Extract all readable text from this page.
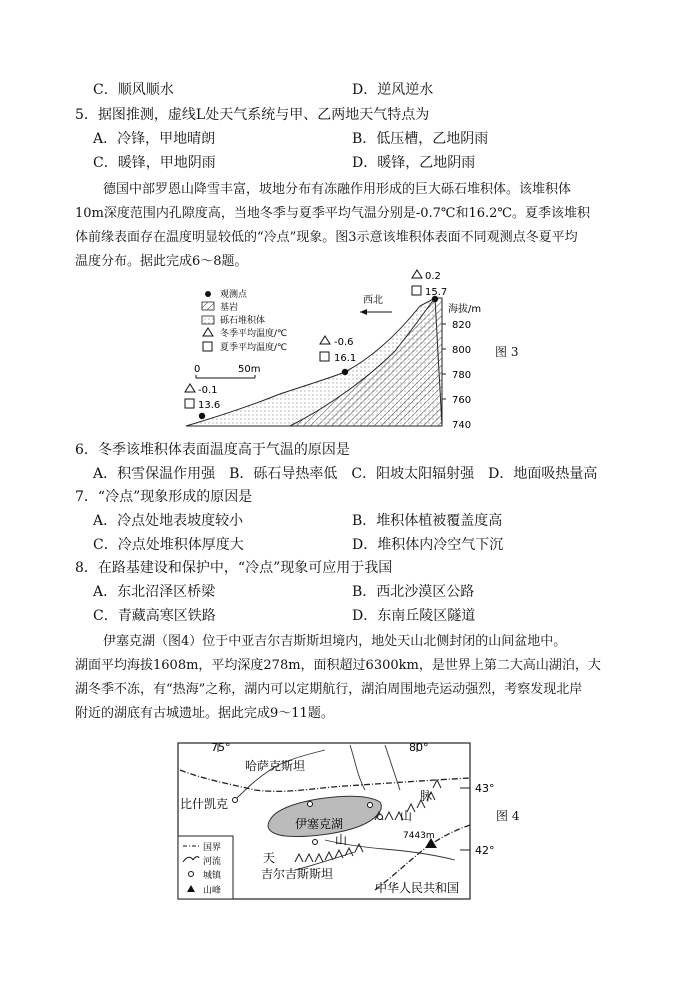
C．顺风顺水	D．逆风逆水
5．据图推测，虚线L处天气系统与甲、乙两地天气特点为
A．冷锋，甲地晴朗	B．低压槽，乙地阴雨
C．暖锋，甲地阴雨	D．暖锋，乙地阴雨
德国中部罗恩山降雪丰富，坡地分布有冻融作用形成的巨大砾石堆积体。该堆积体
10m深度范围内孔隙度高，当地冬季与夏季平均气温分别是-0.7℃和16.2℃。夏季该堆积
体前缘表面存在温度明显较低的“冷点”现象。图3示意该堆积体表面不同观测点冬夏平均
温度分布。据此完成6～8题。
海拔/m
820
800
780
760
740
观测点
基岩
砾石堆积体
冬季平均温度/℃
夏季平均温度/℃
西北
0	50m
-0.1
13.6
-0.6
16.1
0.2
15.7
图 3
6．冬季该堆积体表面温度高于气温的原因是
A．积雪保温作用强　B．砾石导热率低　C．阳坡太阳辐射强　D．地面吸热量高
7．“冷点”现象形成的原因是
A．冷点处地表坡度较小	B．堆积体植被覆盖度高
C．冷点处堆积体厚度大	D．堆积体内冷空气下沉
8．在路基建设和保护中，“冷点”现象可应用于我国
A．东北沼泽区桥梁	B．西北沙漠区公路
C．青藏高寒区铁路	D．东南丘陵区隧道
伊塞克湖（图4）位于中亚吉尔吉斯斯坦境内，地处天山北侧封闭的山间盆地中。
湖面平均海拔1608m，平均深度278m，面积超过6300km，是世界上第二大高山湖泊，大
湖冬季不冻，有“热海”之称，湖内可以定期航行，湖泊周围地壳运动强烈，考察发现北岸
附近的湖底有古城遗址。据此完成9～11题。
75°	80°
43°
42°
伊塞克湖
7443m
哈萨克斯坦
比什凯克
脉
山
山
天
吉尔吉斯斯坦
中华人民共和国
国界
河流
城镇
山峰
图 4
